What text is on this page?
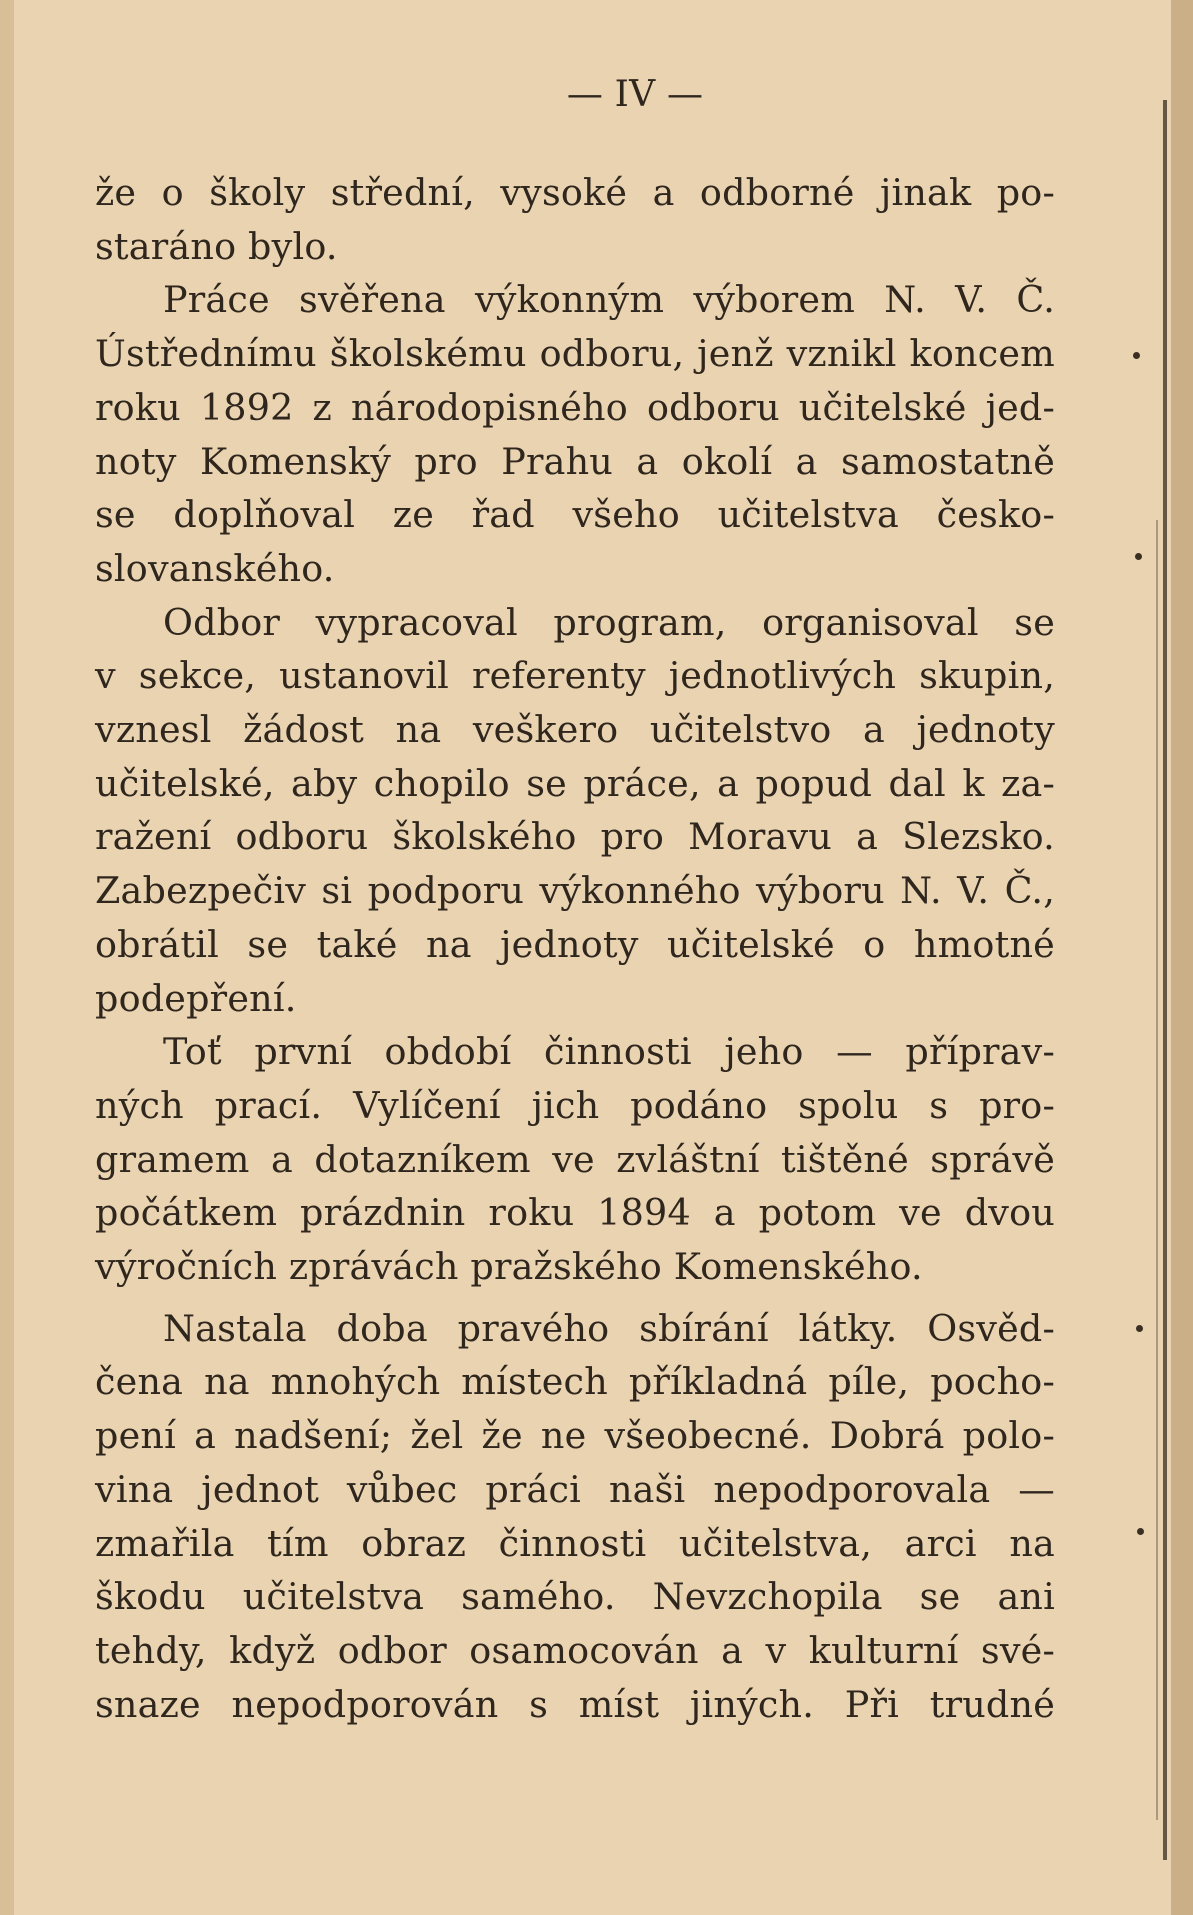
— IV —
že o školy střední, vysoké a odborné jinak po-
staráno bylo.
Práce svěřena výkonným výborem N. V. Č.
Ústřednímu školskému odboru, jenž vznikl koncem
roku 1892 z národopisného odboru učitelské jed-
noty Komenský pro Prahu a okolí a samostatně
se doplňoval ze řad všeho učitelstva česko-
slovanského.
Odbor vypracoval program, organisoval se
v sekce, ustanovil referenty jednotlivých skupin,
vznesl žádost na veškero učitelstvo a jednoty
učitelské, aby chopilo se práce, a popud dal k za-
ražení odboru školského pro Moravu a Slezsko.
Zabezpečiv si podporu výkonného výboru N. V. Č.,
obrátil se také na jednoty učitelské o hmotné
podepření.
Toť první období činnosti jeho — příprav-
ných prací. Vylíčení jich podáno spolu s pro-
gramem a dotazníkem ve zvláštní tištěné správě
počátkem prázdnin roku 1894 a potom ve dvou
výročních zprávách pražského Komenského.
Nastala doba pravého sbírání látky. Osvěd-
čena na mnohých místech příkladná píle, pocho-
pení a nadšení; žel že ne všeobecné. Dobrá polo-
vina jednot vůbec práci naši nepodporovala —
zmařila tím obraz činnosti učitelstva, arci na
škodu učitelstva samého. Nevzchopila se ani
tehdy, když odbor osamocován a v kulturní své-
snaze nepodporován s míst jiných. Při trudné
